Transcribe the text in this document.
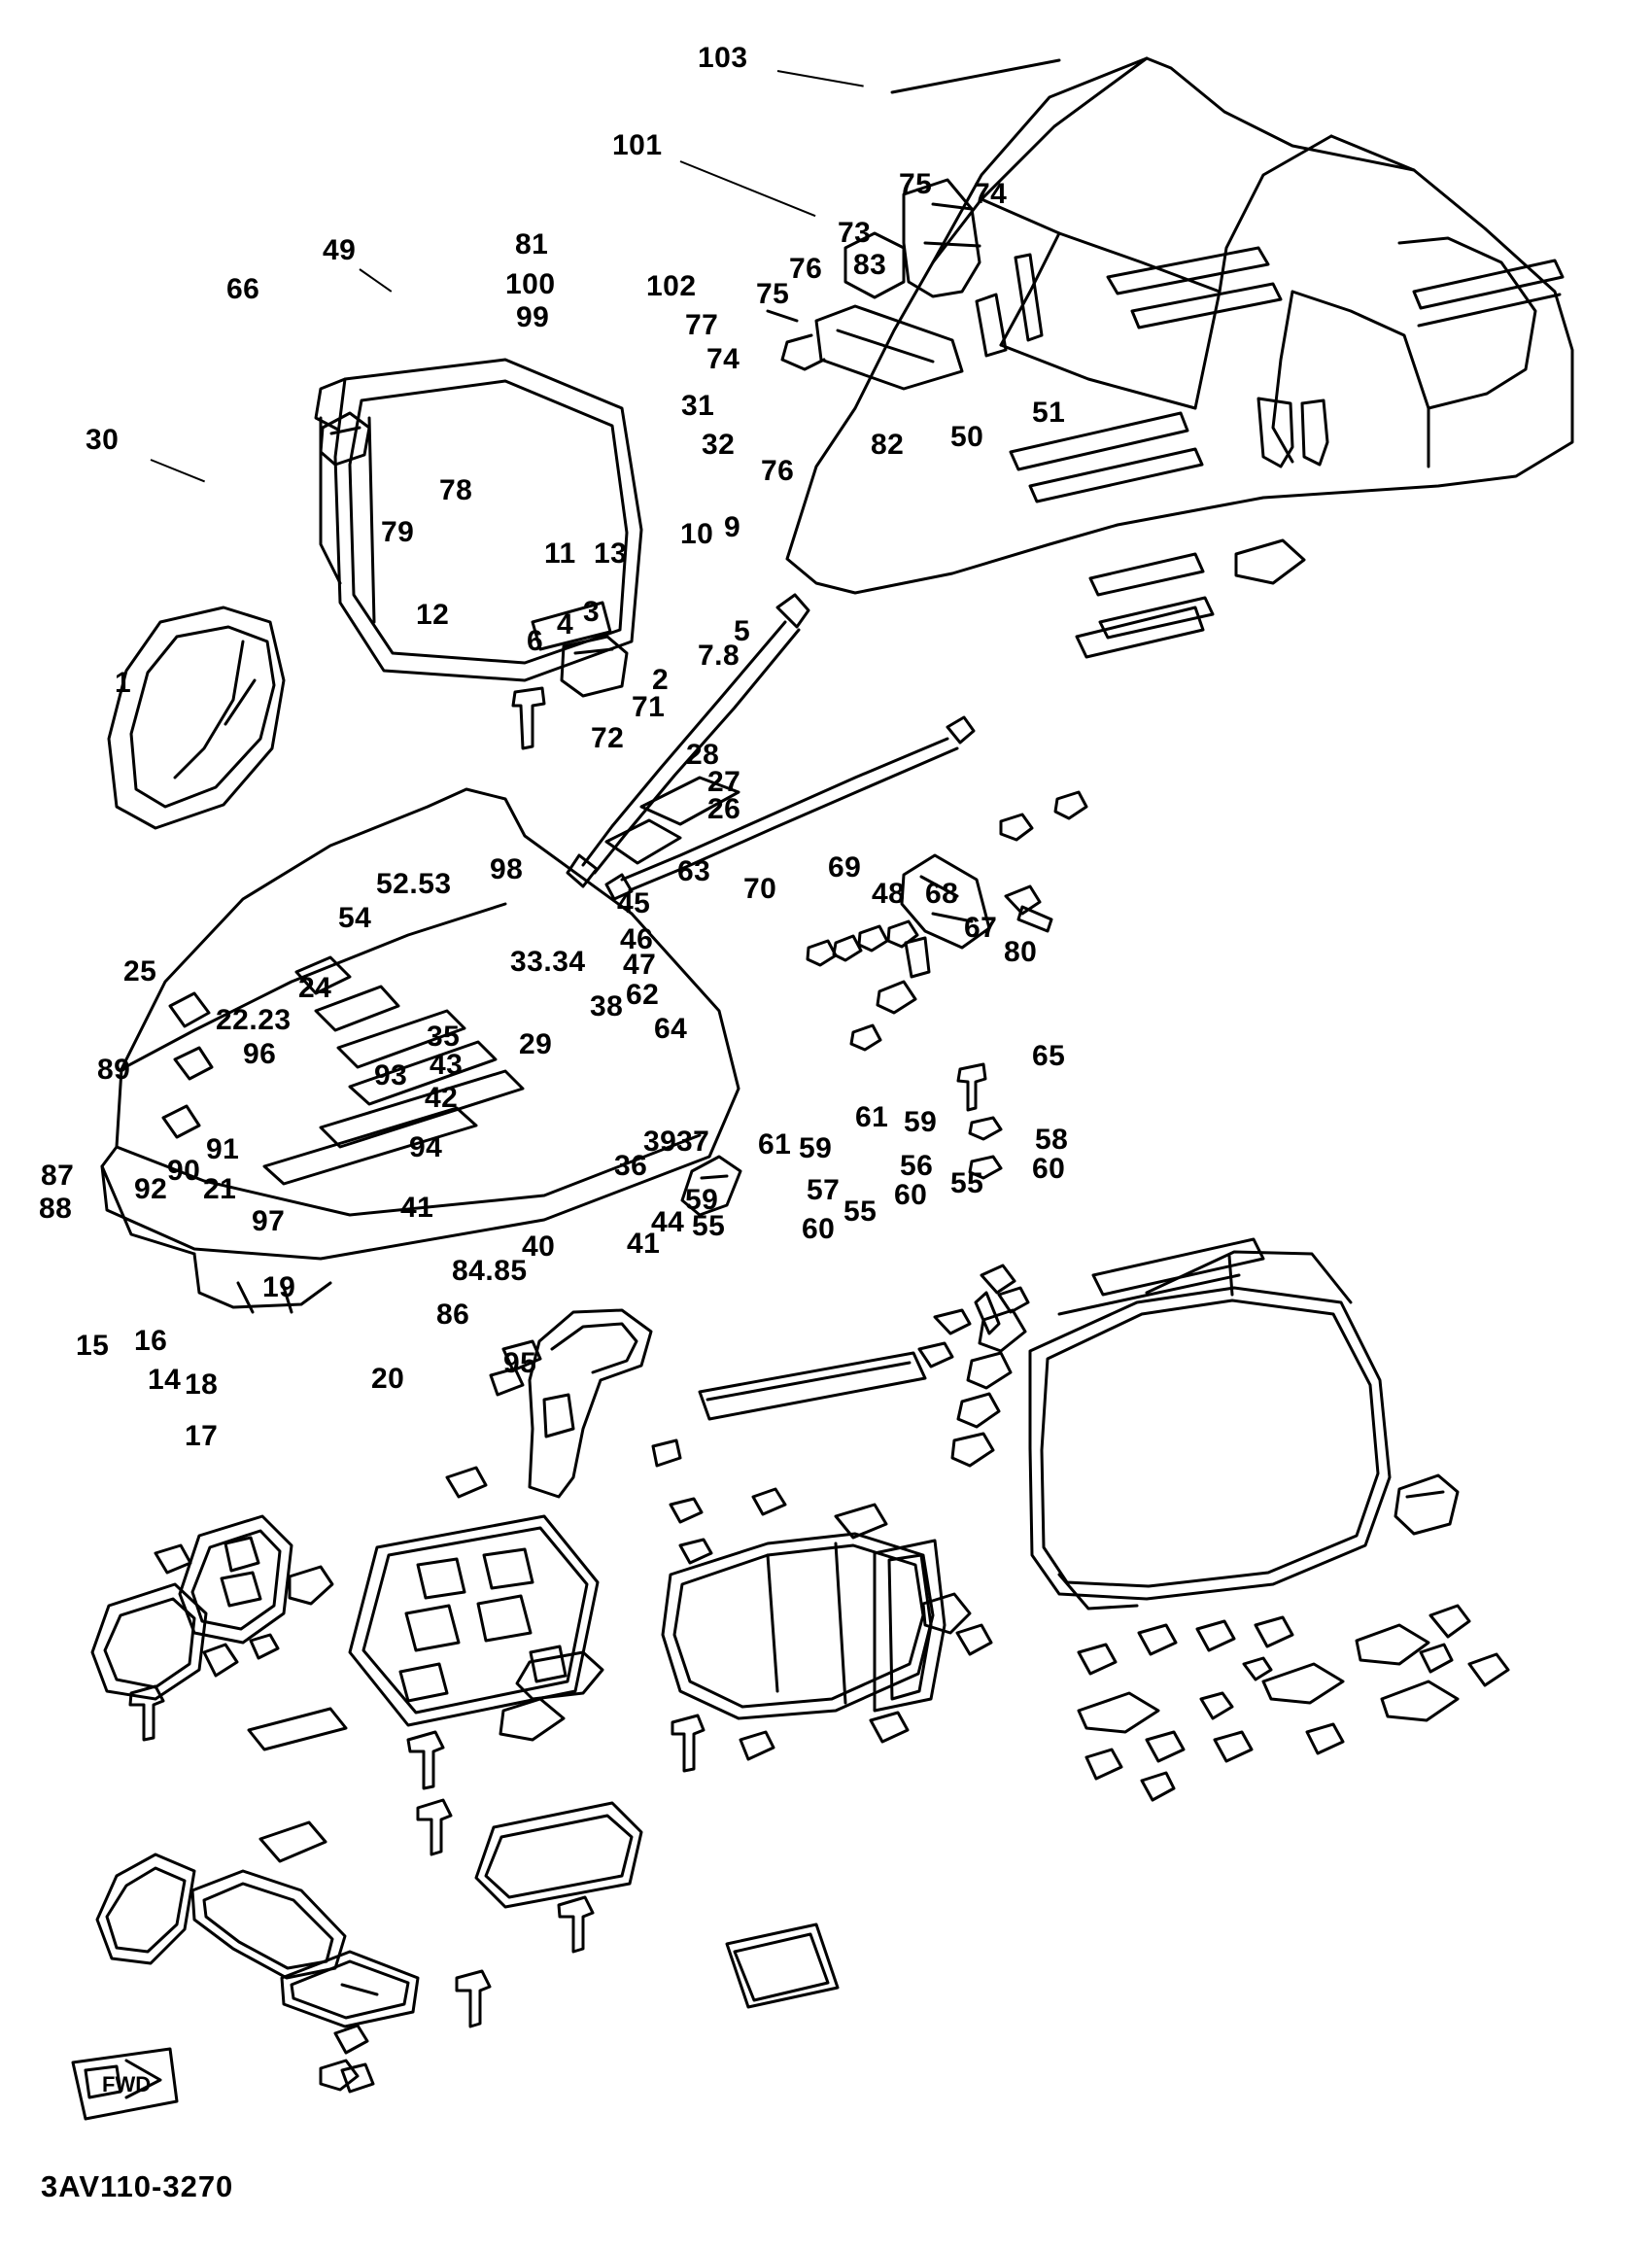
103
101
75 74
73
81
76 83
100	102 75
99	77
49
66
74
51
31
50
82
32
76
30
78
79	9
10
11 13
12	3
4	5
6	7.8
1	2
71
72
28
27
26
98	63	69
70	48 68
52.53
45
67
54
46	80
33.34 47
25
24	62
38
22.23	64
35 29
96	43
93
89
42
65
39 37
61 59
94
91
90	36
61 59	58
56
87 92 21
60
55
88	41	59	57 60
55
97	44 55	60
40 41
84.85
19
86
15 16
14 18	20	95
17
3AV110-3270
FWD
